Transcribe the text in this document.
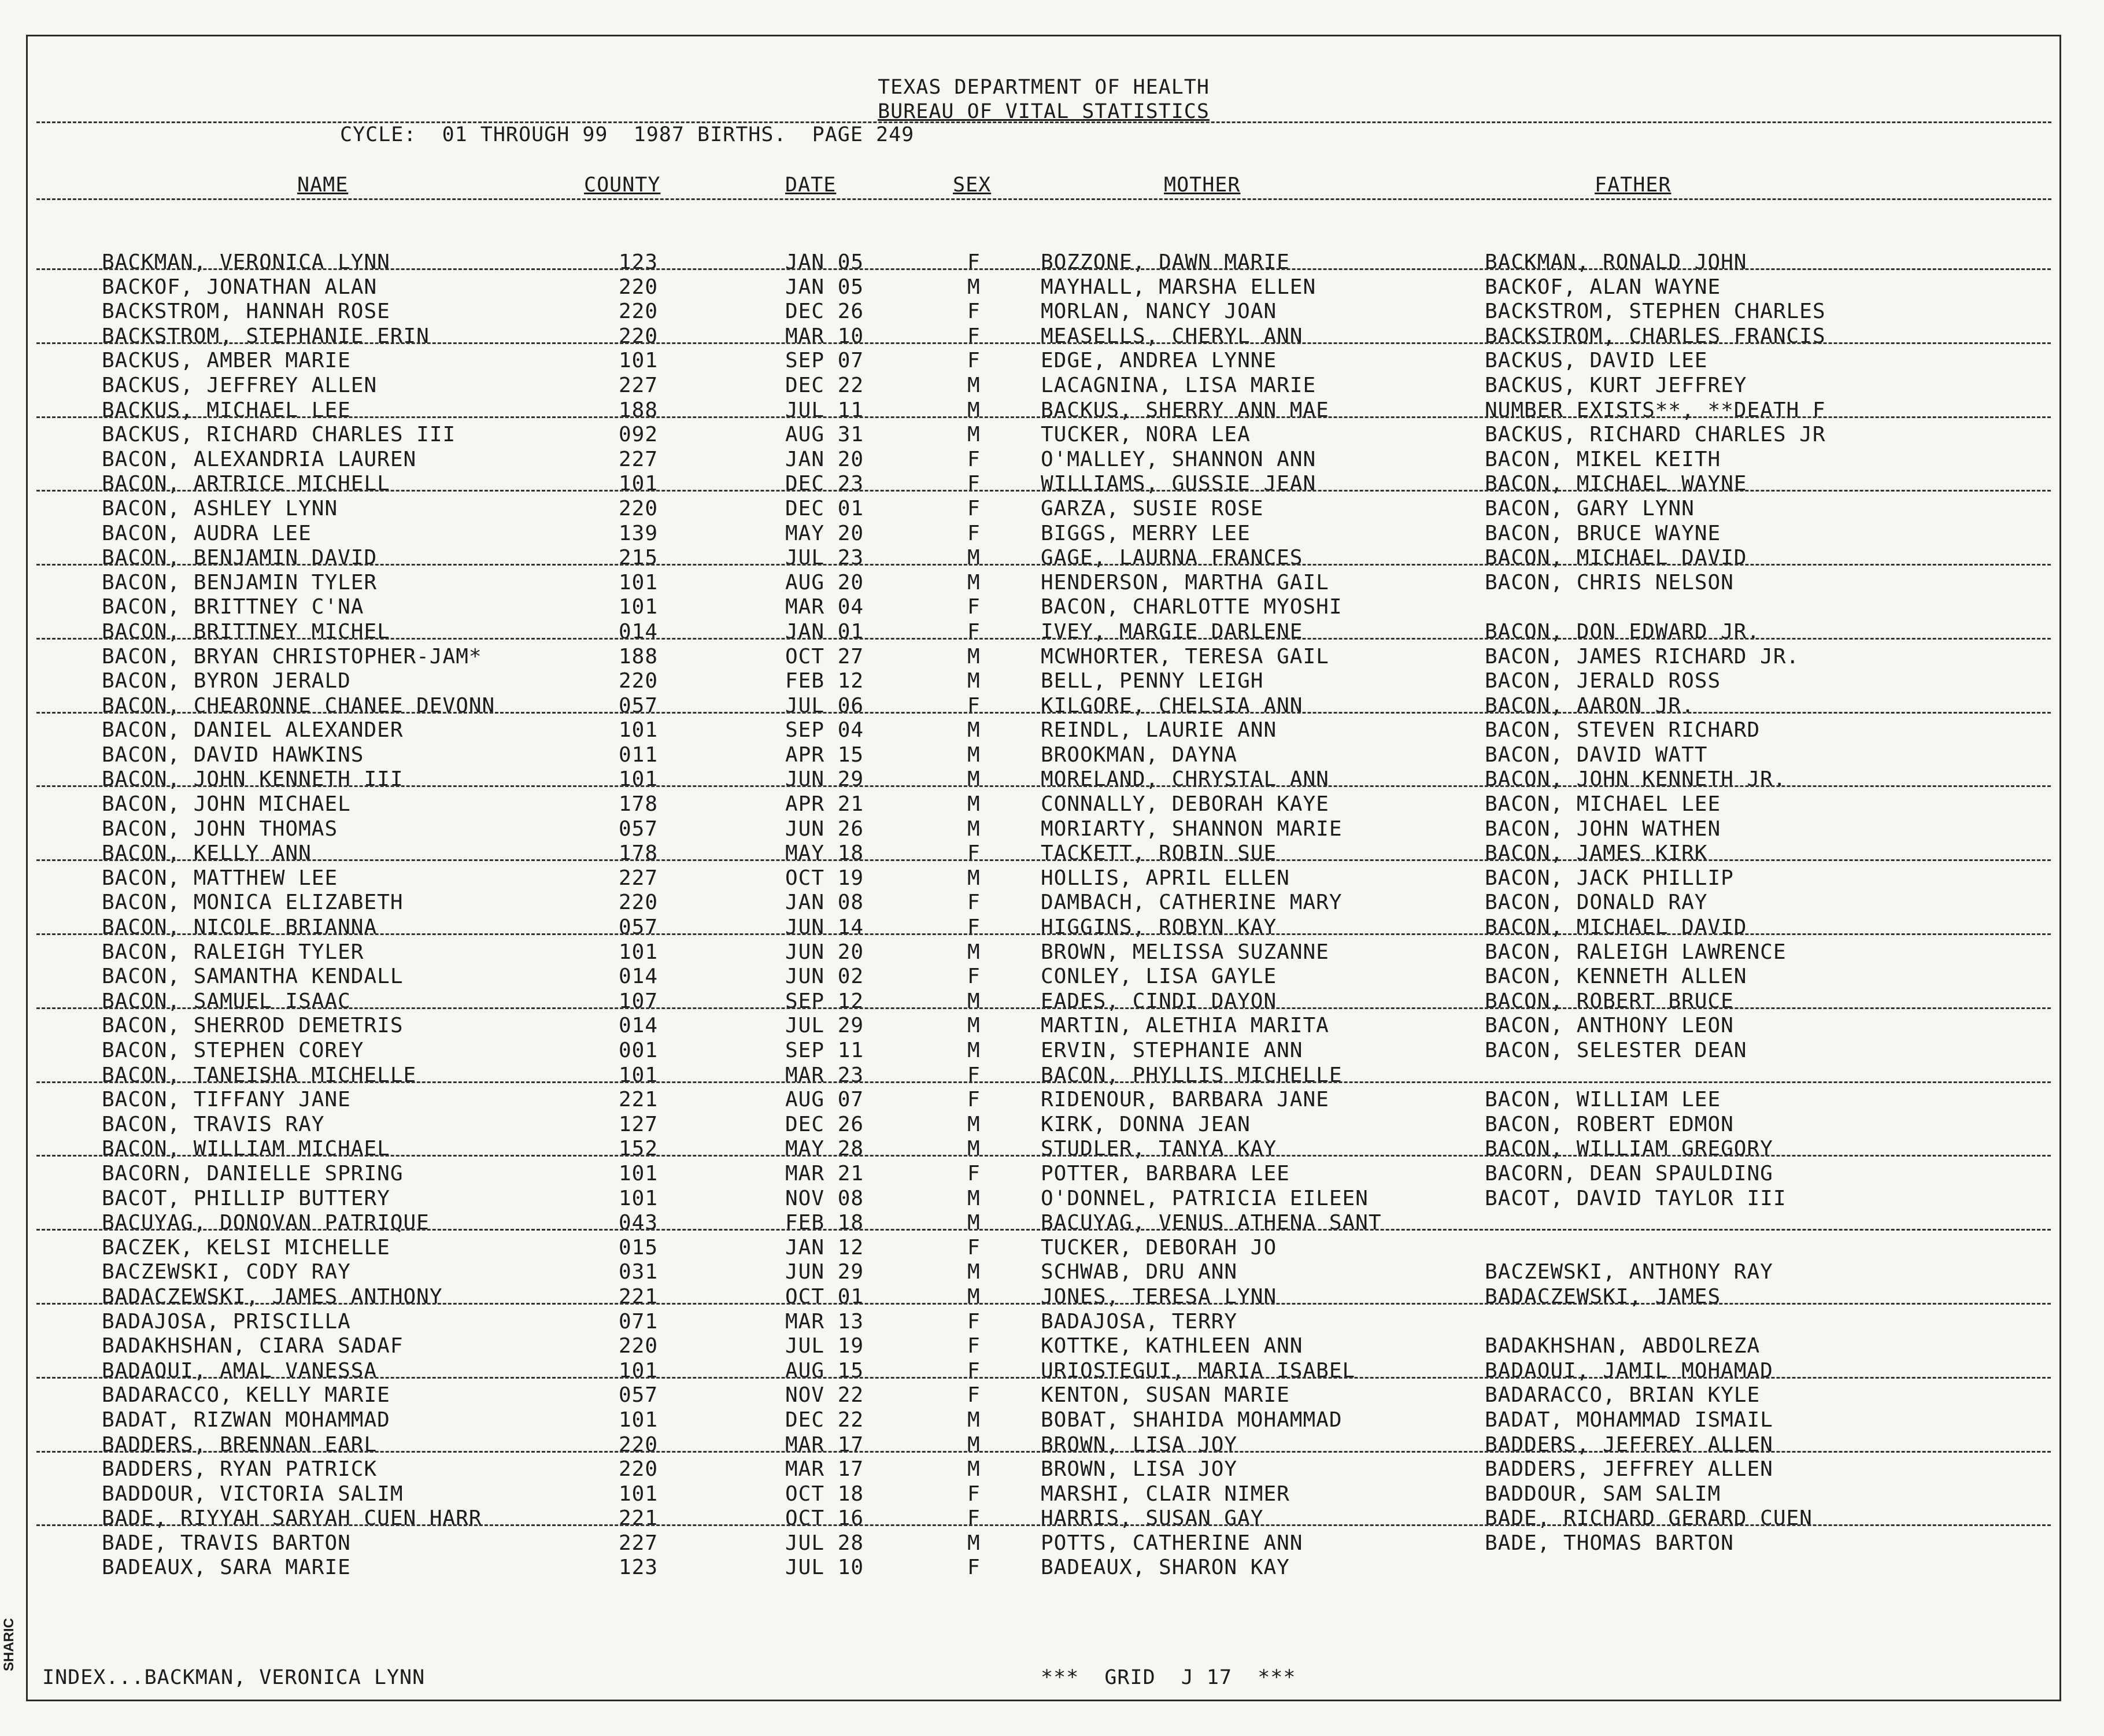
SHARIC
TEXAS DEPARTMENT OF HEALTH
BUREAU OF VITAL STATISTICS
CYCLE:  01 THROUGH 99  1987 BIRTHS.  PAGE 249
NAME	COUNTY	DATE	SEX	MOTHER	FATHER
BACKMAN, VERONICA LYNN	123	JAN 05	F	BOZZONE, DAWN MARIE	BACKMAN, RONALD JOHN
BACKOF, JONATHAN ALAN	220	JAN 05	M	MAYHALL, MARSHA ELLEN	BACKOF, ALAN WAYNE
BACKSTROM, HANNAH ROSE	220	DEC 26	F	MORLAN, NANCY JOAN	BACKSTROM, STEPHEN CHARLES
BACKSTROM, STEPHANIE ERIN	220	MAR 10	F	MEASELLS, CHERYL ANN	BACKSTROM, CHARLES FRANCIS
BACKUS, AMBER MARIE	101	SEP 07	F	EDGE, ANDREA LYNNE	BACKUS, DAVID LEE
BACKUS, JEFFREY ALLEN	227	DEC 22	M	LACAGNINA, LISA MARIE	BACKUS, KURT JEFFREY
BACKUS, MICHAEL LEE	188	JUL 11	M	BACKUS, SHERRY ANN MAE	NUMBER EXISTS**, **DEATH F
BACKUS, RICHARD CHARLES III	092	AUG 31	M	TUCKER, NORA LEA	BACKUS, RICHARD CHARLES JR
BACON, ALEXANDRIA LAUREN	227	JAN 20	F	O'MALLEY, SHANNON ANN	BACON, MIKEL KEITH
BACON, ARTRICE MICHELL	101	DEC 23	F	WILLIAMS, GUSSIE JEAN	BACON, MICHAEL WAYNE
BACON, ASHLEY LYNN	220	DEC 01	F	GARZA, SUSIE ROSE	BACON, GARY LYNN
BACON, AUDRA LEE	139	MAY 20	F	BIGGS, MERRY LEE	BACON, BRUCE WAYNE
BACON, BENJAMIN DAVID	215	JUL 23	M	GAGE, LAURNA FRANCES	BACON, MICHAEL DAVID
BACON, BENJAMIN TYLER	101	AUG 20	M	HENDERSON, MARTHA GAIL	BACON, CHRIS NELSON
BACON, BRITTNEY C'NA	101	MAR 04	F	BACON, CHARLOTTE MYOSHI
BACON, BRITTNEY MICHEL	014	JAN 01	F	IVEY, MARGIE DARLENE	BACON, DON EDWARD JR.
BACON, BRYAN CHRISTOPHER-JAM*	188	OCT 27	M	MCWHORTER, TERESA GAIL	BACON, JAMES RICHARD JR.
BACON, BYRON JERALD	220	FEB 12	M	BELL, PENNY LEIGH	BACON, JERALD ROSS
BACON, CHEARONNE CHANEE DEVONN	057	JUL 06	F	KILGORE, CHELSIA ANN	BACON, AARON JR.
BACON, DANIEL ALEXANDER	101	SEP 04	M	REINDL, LAURIE ANN	BACON, STEVEN RICHARD
BACON, DAVID HAWKINS	011	APR 15	M	BROOKMAN, DAYNA	BACON, DAVID WATT
BACON, JOHN KENNETH III	101	JUN 29	M	MORELAND, CHRYSTAL ANN	BACON, JOHN KENNETH JR.
BACON, JOHN MICHAEL	178	APR 21	M	CONNALLY, DEBORAH KAYE	BACON, MICHAEL LEE
BACON, JOHN THOMAS	057	JUN 26	M	MORIARTY, SHANNON MARIE	BACON, JOHN WATHEN
BACON, KELLY ANN	178	MAY 18	F	TACKETT, ROBIN SUE	BACON, JAMES KIRK
BACON, MATTHEW LEE	227	OCT 19	M	HOLLIS, APRIL ELLEN	BACON, JACK PHILLIP
BACON, MONICA ELIZABETH	220	JAN 08	F	DAMBACH, CATHERINE MARY	BACON, DONALD RAY
BACON, NICOLE BRIANNA	057	JUN 14	F	HIGGINS, ROBYN KAY	BACON, MICHAEL DAVID
BACON, RALEIGH TYLER	101	JUN 20	M	BROWN, MELISSA SUZANNE	BACON, RALEIGH LAWRENCE
BACON, SAMANTHA KENDALL	014	JUN 02	F	CONLEY, LISA GAYLE	BACON, KENNETH ALLEN
BACON, SAMUEL ISAAC	107	SEP 12	M	EADES, CINDI DAYON	BACON, ROBERT BRUCE
BACON, SHERROD DEMETRIS	014	JUL 29	M	MARTIN, ALETHIA MARITA	BACON, ANTHONY LEON
BACON, STEPHEN COREY	001	SEP 11	M	ERVIN, STEPHANIE ANN	BACON, SELESTER DEAN
BACON, TANEISHA MICHELLE	101	MAR 23	F	BACON, PHYLLIS MICHELLE
BACON, TIFFANY JANE	221	AUG 07	F	RIDENOUR, BARBARA JANE	BACON, WILLIAM LEE
BACON, TRAVIS RAY	127	DEC 26	M	KIRK, DONNA JEAN	BACON, ROBERT EDMON
BACON, WILLIAM MICHAEL	152	MAY 28	M	STUDLER, TANYA KAY	BACON, WILLIAM GREGORY
BACORN, DANIELLE SPRING	101	MAR 21	F	POTTER, BARBARA LEE	BACORN, DEAN SPAULDING
BACOT, PHILLIP BUTTERY	101	NOV 08	M	O'DONNEL, PATRICIA EILEEN	BACOT, DAVID TAYLOR III
BACUYAG, DONOVAN PATRIQUE	043	FEB 18	M	BACUYAG, VENUS ATHENA SANT
BACZEK, KELSI MICHELLE	015	JAN 12	F	TUCKER, DEBORAH JO
BACZEWSKI, CODY RAY	031	JUN 29	M	SCHWAB, DRU ANN	BACZEWSKI, ANTHONY RAY
BADACZEWSKI, JAMES ANTHONY	221	OCT 01	M	JONES, TERESA LYNN	BADACZEWSKI, JAMES
BADAJOSA, PRISCILLA	071	MAR 13	F	BADAJOSA, TERRY
BADAKHSHAN, CIARA SADAF	220	JUL 19	F	KOTTKE, KATHLEEN ANN	BADAKHSHAN, ABDOLREZA
BADAOUI, AMAL VANESSA	101	AUG 15	F	URIOSTEGUI, MARIA ISABEL	BADAOUI, JAMIL MOHAMAD
BADARACCO, KELLY MARIE	057	NOV 22	F	KENTON, SUSAN MARIE	BADARACCO, BRIAN KYLE
BADAT, RIZWAN MOHAMMAD	101	DEC 22	M	BOBAT, SHAHIDA MOHAMMAD	BADAT, MOHAMMAD ISMAIL
BADDERS, BRENNAN EARL	220	MAR 17	M	BROWN, LISA JOY	BADDERS, JEFFREY ALLEN
BADDERS, RYAN PATRICK	220	MAR 17	M	BROWN, LISA JOY	BADDERS, JEFFREY ALLEN
BADDOUR, VICTORIA SALIM	101	OCT 18	F	MARSHI, CLAIR NIMER	BADDOUR, SAM SALIM
BADE, RIYYAH SARYAH CUEN HARR	221	OCT 16	F	HARRIS, SUSAN GAY	BADE, RICHARD GERARD CUEN
BADE, TRAVIS BARTON	227	JUL 28	M	POTTS, CATHERINE ANN	BADE, THOMAS BARTON
BADEAUX, SARA MARIE	123	JUL 10	F	BADEAUX, SHARON KAY
INDEX...BACKMAN, VERONICA LYNN	***  GRID  J 17  ***
